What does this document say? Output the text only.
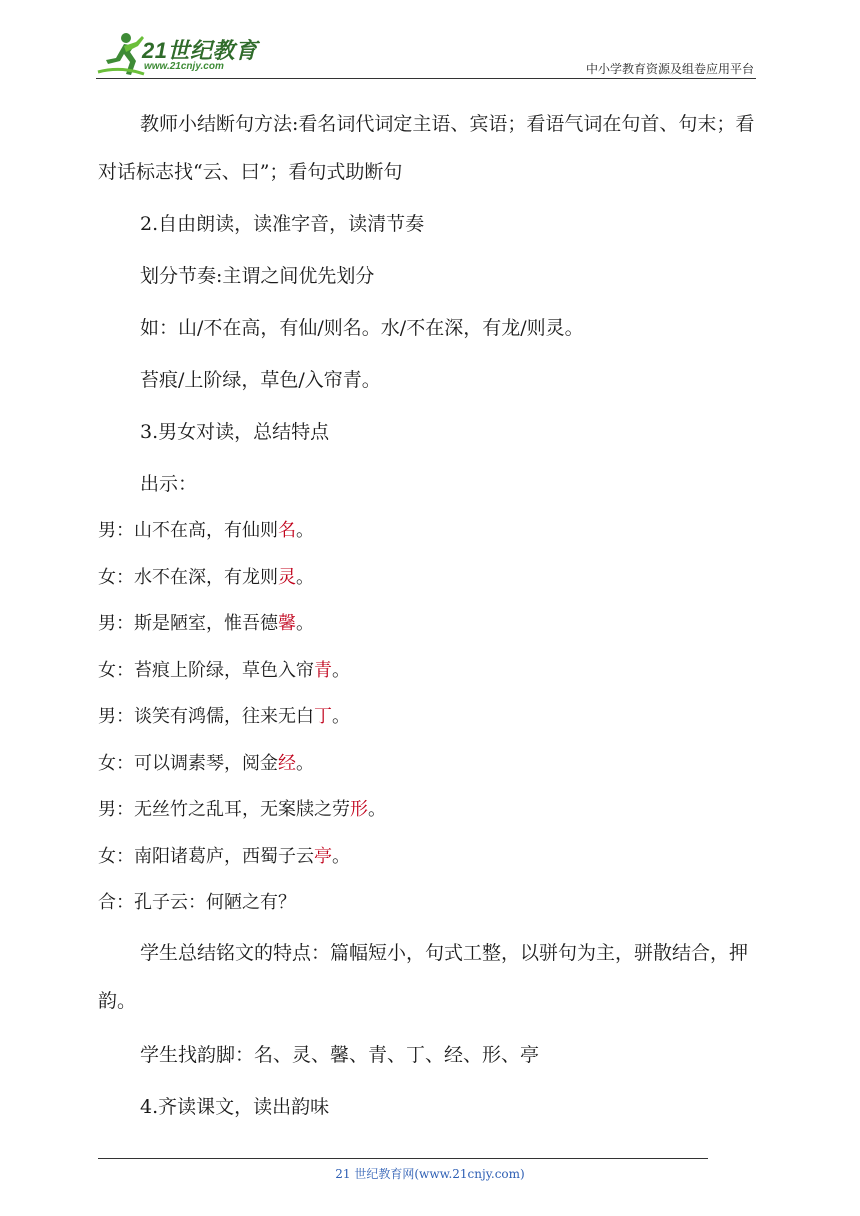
21世纪教育
www.21cnjy.com	中小学教育资源及组卷应用平台

教师小结断句方法:看名词代词定主语、宾语；看语气词在句首、句末；看对话标志找“云、曰”；看句式助断句

2.自由朗读，读准字音，读清节奏

划分节奏:主谓之间优先划分

如：山/不在高，有仙/则名。水/不在深，有龙/则灵。

苔痕/上阶绿，草色/入帘青。

3.男女对读，总结特点

出示：

男：山不在高，有仙则名。

女：水不在深，有龙则灵。

男：斯是陋室，惟吾德馨。

女：苔痕上阶绿，草色入帘青。

男：谈笑有鸿儒，往来无白丁。

女：可以调素琴，阅金经。

男：无丝竹之乱耳，无案牍之劳形。

女：南阳诸葛庐，西蜀子云亭。

合：孔子云：何陋之有？

学生总结铭文的特点：篇幅短小，句式工整，以骈句为主，骈散结合，押韵。

学生找韵脚：名、灵、馨、青、丁、经、形、亭

4.齐读课文，读出韵味

21 世纪教育网(www.21cnjy.com)
